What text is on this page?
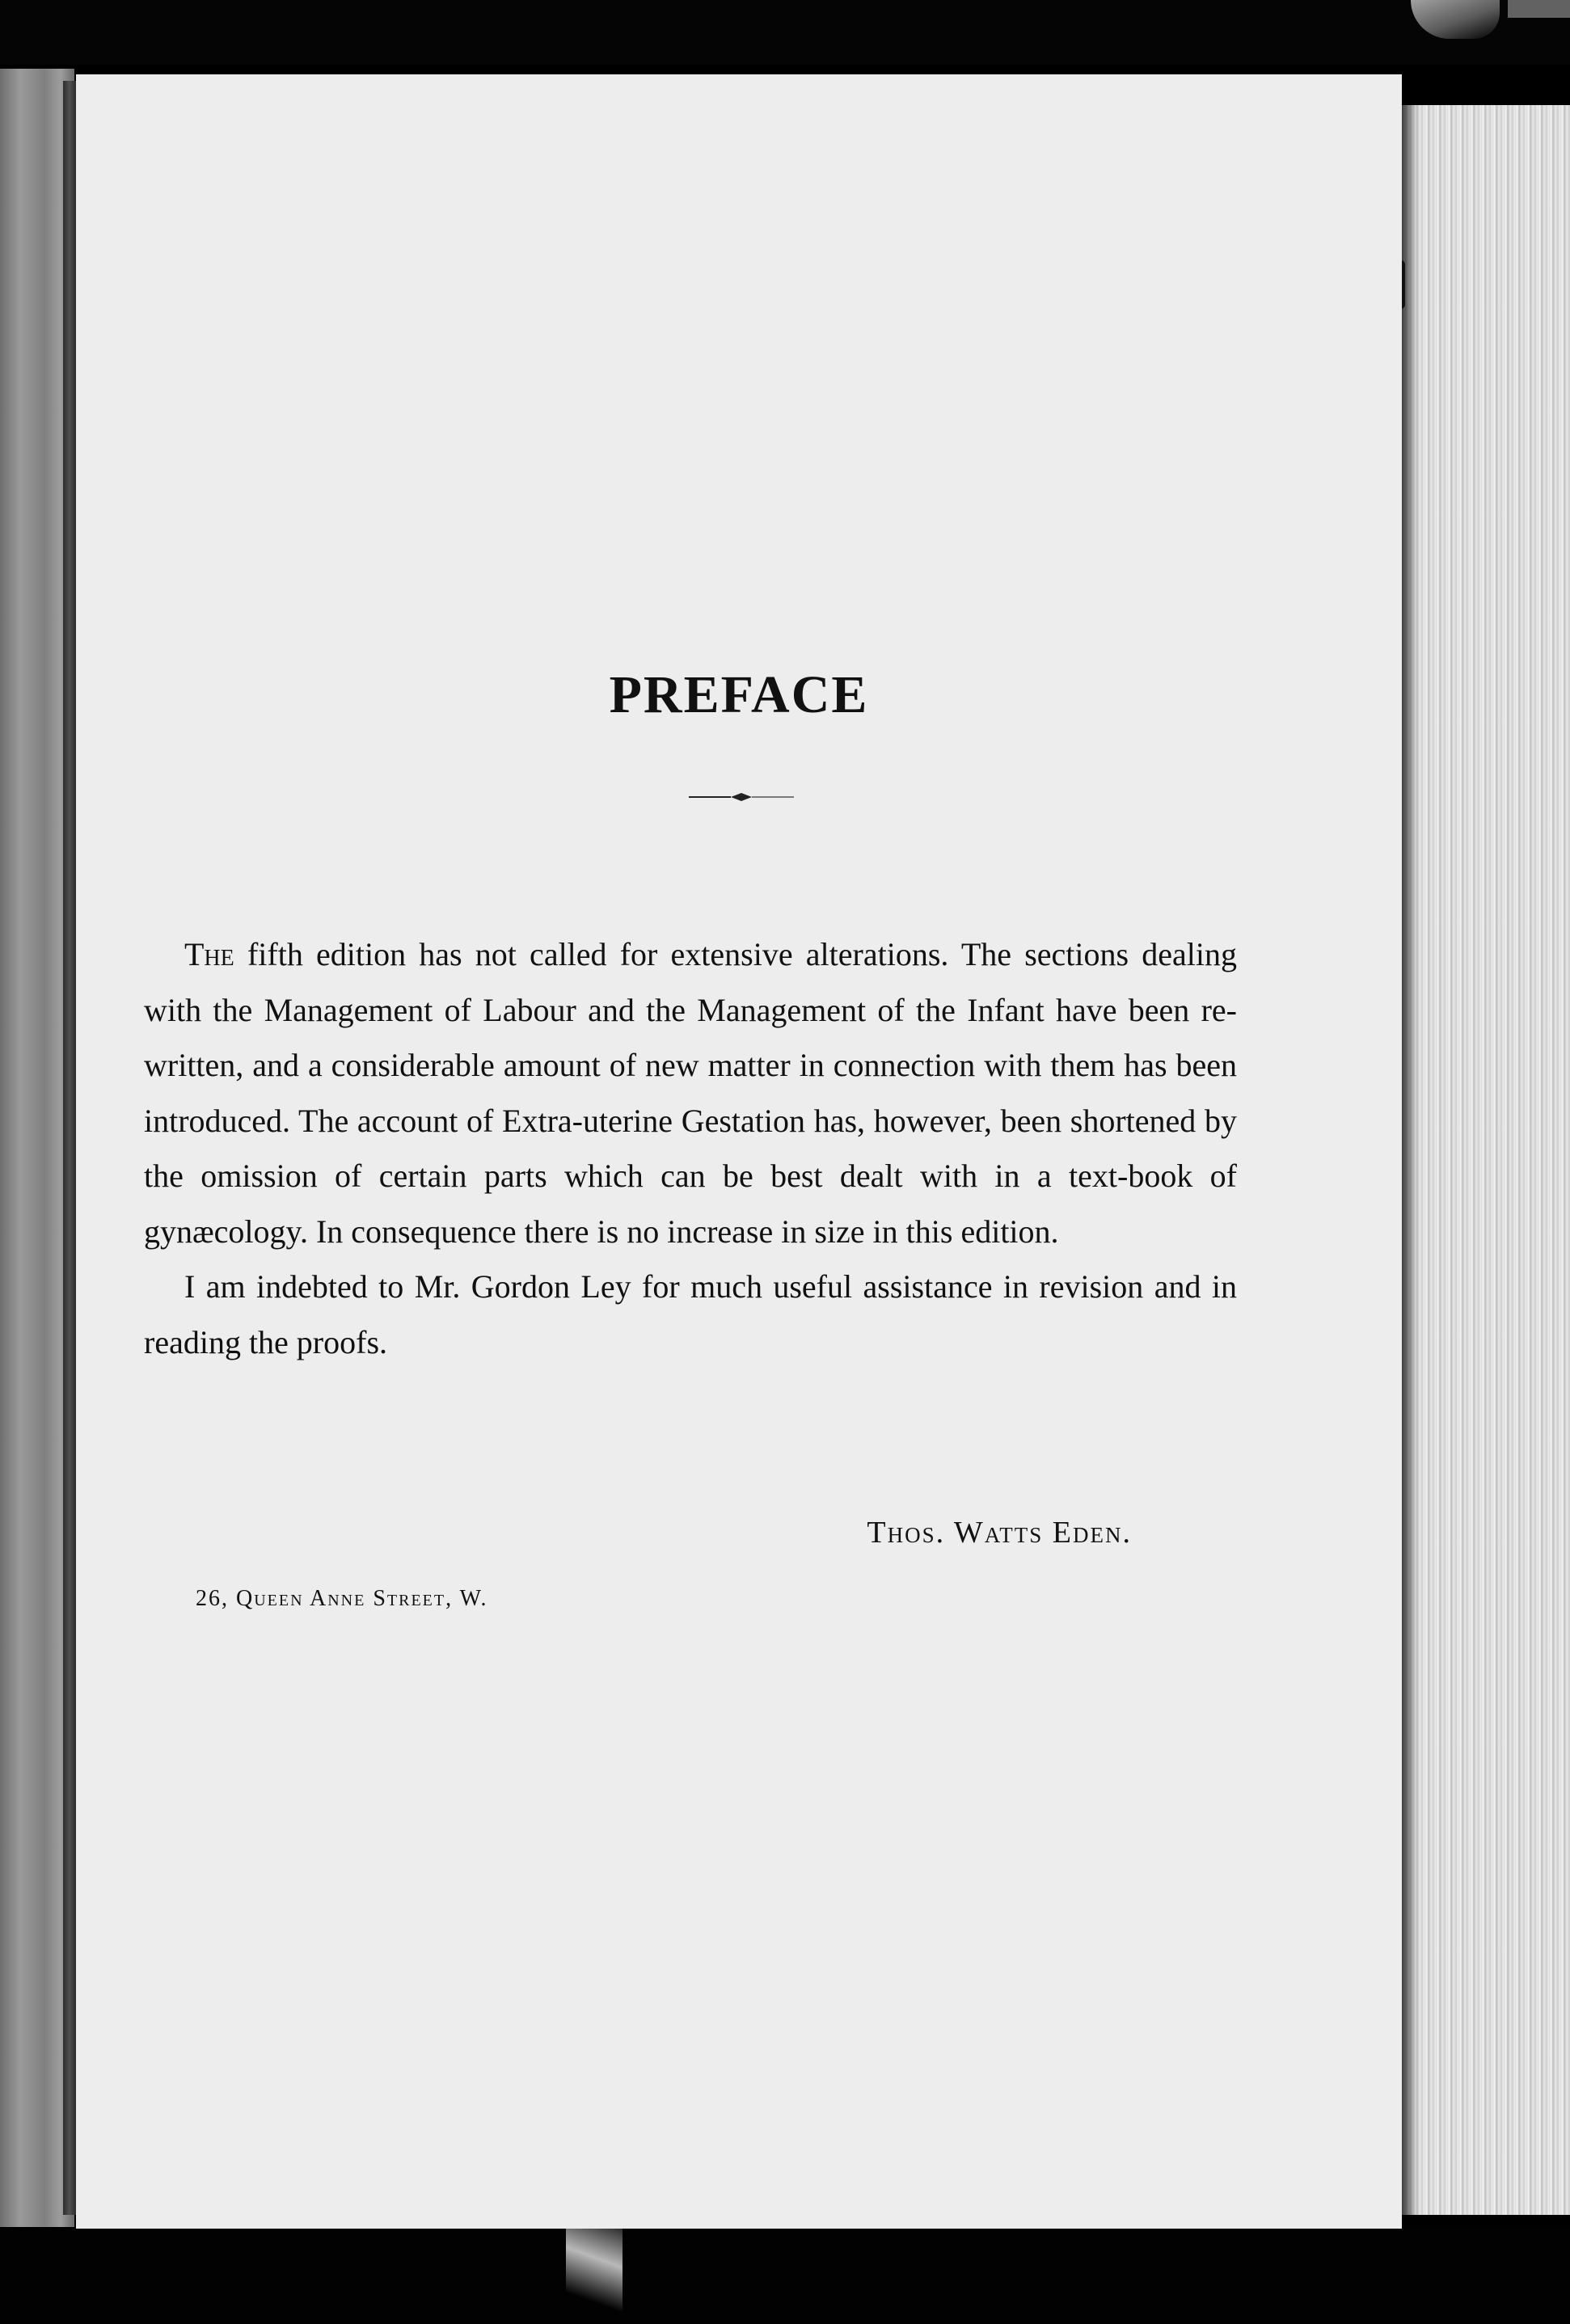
PREFACE

The fifth edition has not called for extensive alterations. The sections dealing with the Management of Labour and the Management of the Infant have been re-written, and a considerable amount of new matter in connection with them has been introduced. The account of Extra-uterine Gestation has, however, been shortened by the omission of certain parts which can be best dealt with in a text-book of gynæcology. In consequence there is no increase in size in this edition.

I am indebted to Mr. Gordon Ley for much useful assistance in revision and in reading the proofs.

Thos. Watts Eden.
26, Queen Anne Street, W.
